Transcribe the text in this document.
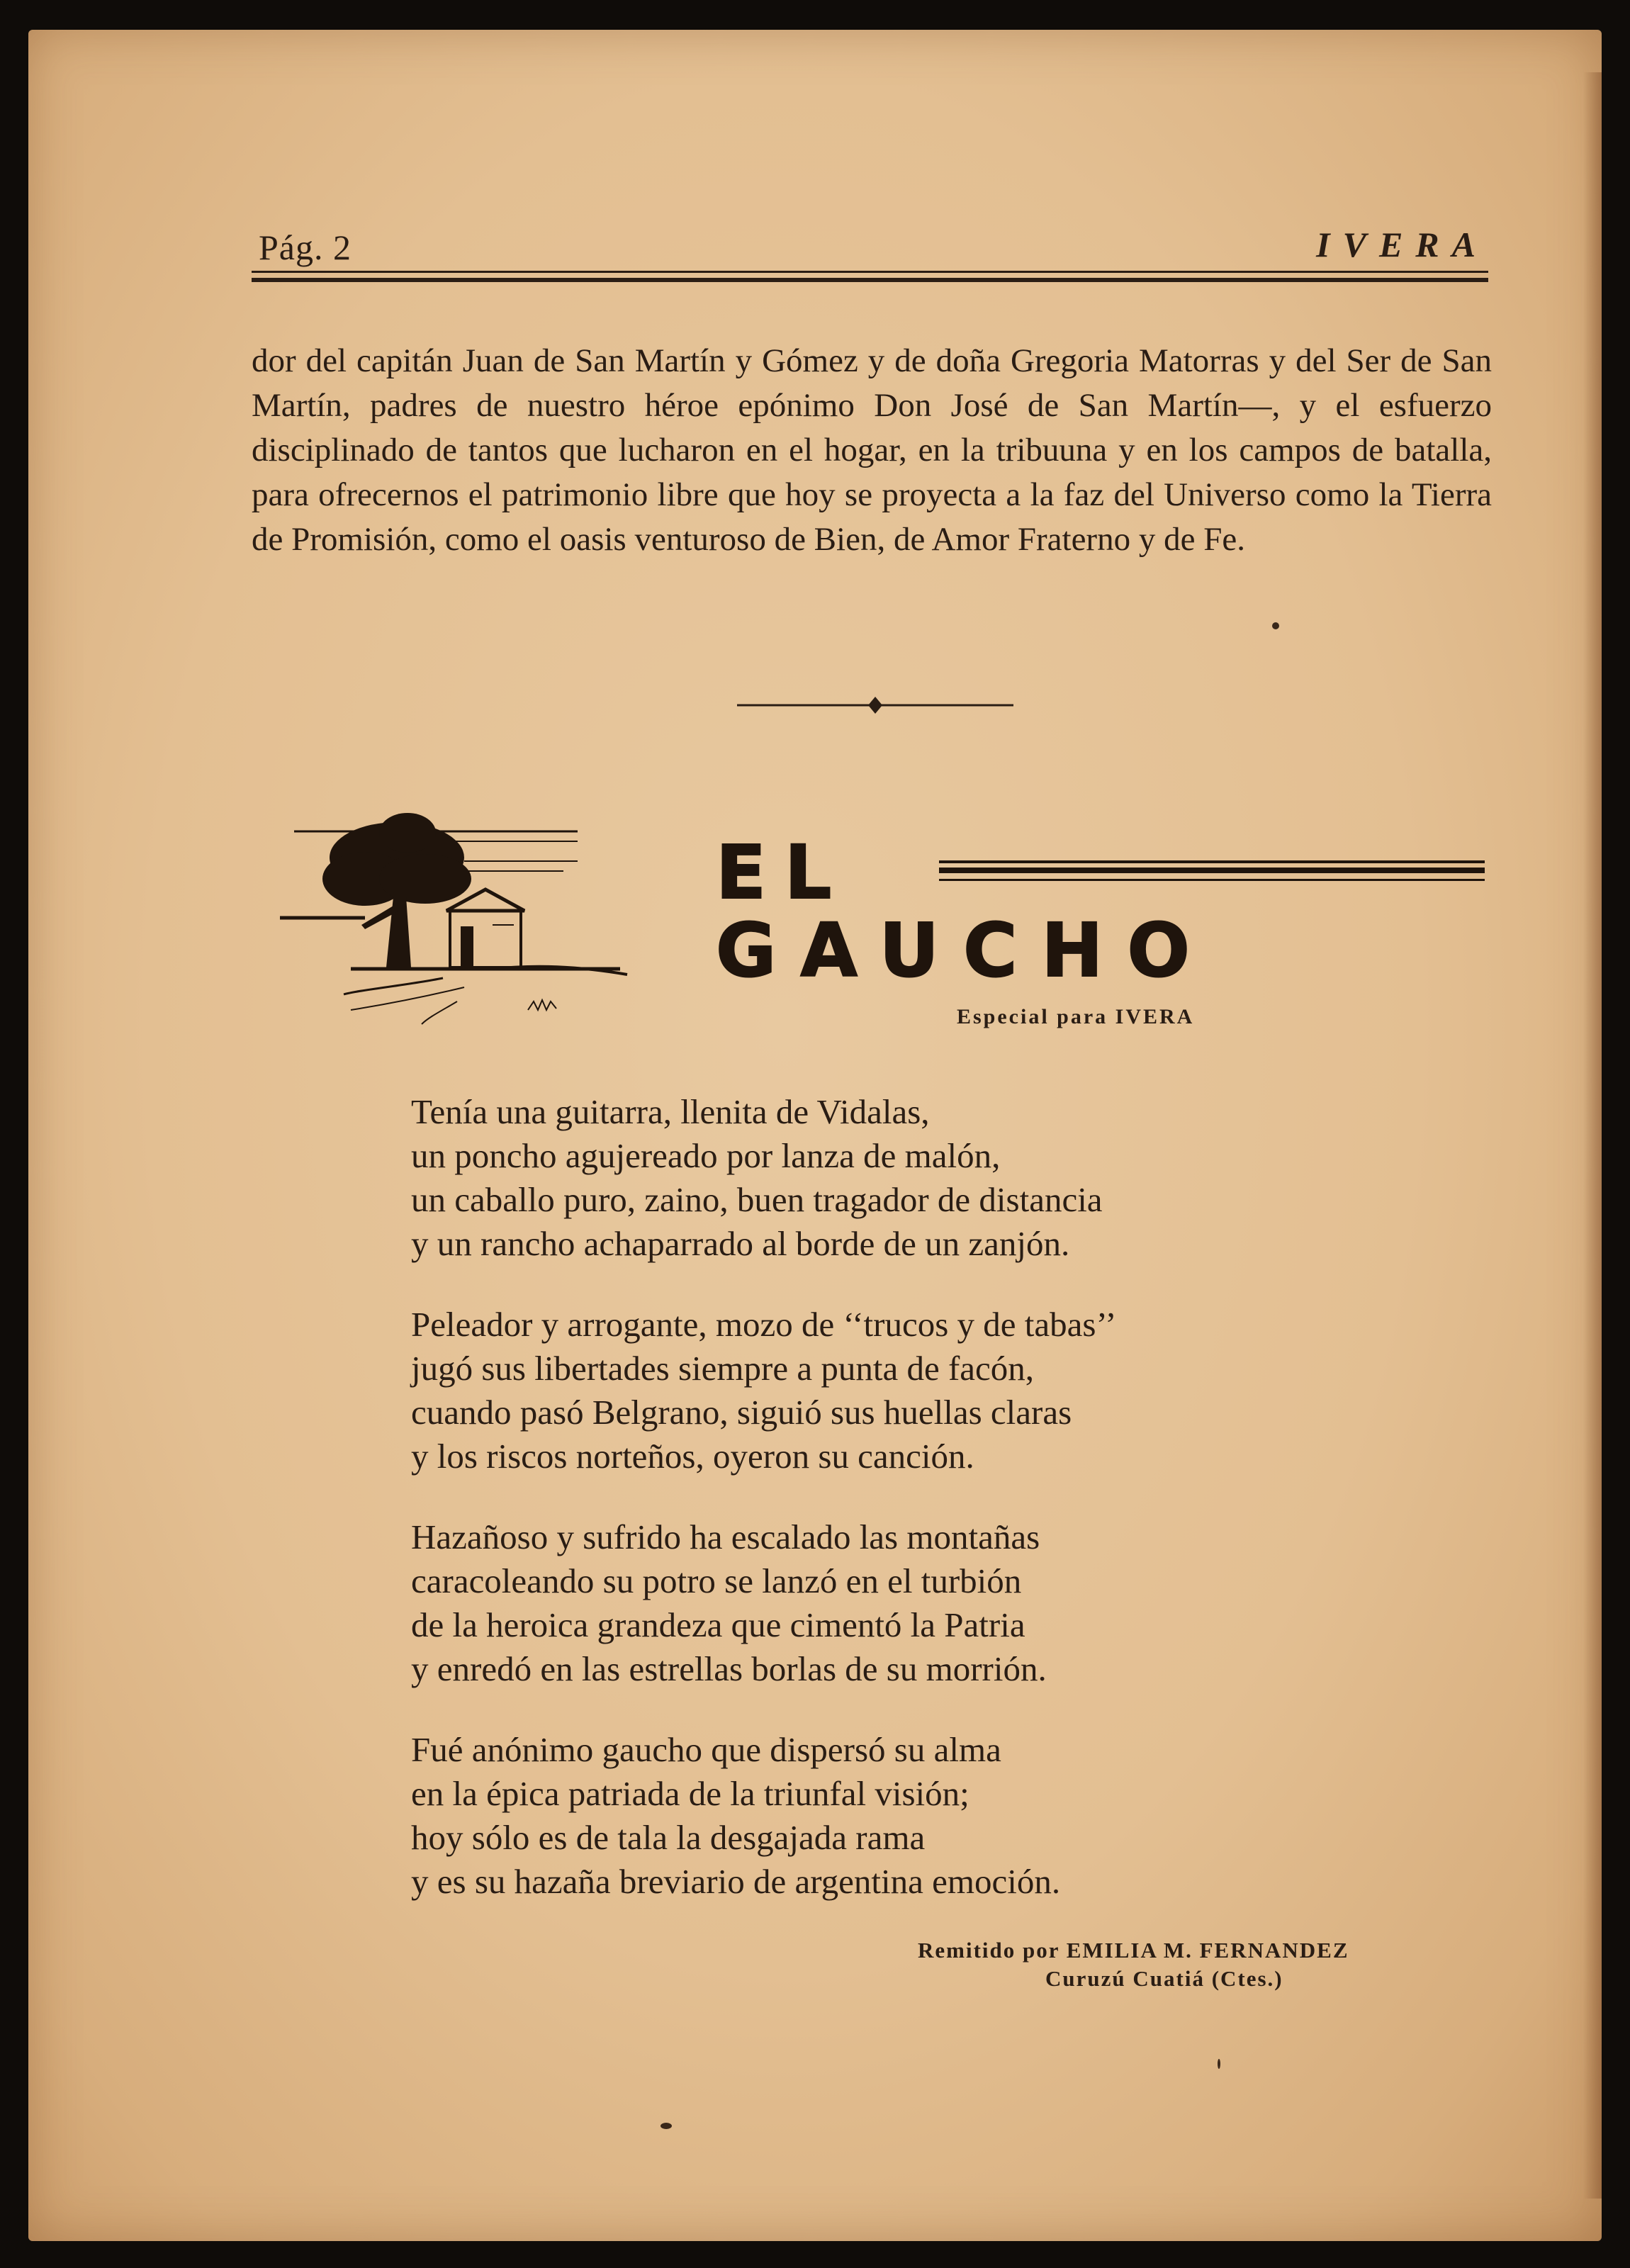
Pág. 2	IVERA

dor del capitán Juan de San Martín y Gómez y de doña Gregoria Matorras y del Ser de San Martín, padres de nuestro héroe epónimo Don José de San Martín—, y el esfuerzo disciplinado de tantos que lucharon en el hogar, en la tribuuna y en los campos de batalla, para ofrecernos el patrimonio libre que hoy se proyecta a la faz del Universo como la Tierra de Promisión, como el oasis venturoso de Bien, de Amor Fraterno y de Fe.

EL
GAUCHO
Especial para IVERA
Tenía una guitarra, llenita de Vidalas,
un poncho agujereado por lanza de malón,
un caballo puro, zaino, buen tragador de distancia
y un rancho achaparrado al borde de un zanjón.
Peleador y arrogante, mozo de ‘‘trucos y de tabas’’
jugó sus libertades siempre a punta de facón,
cuando pasó Belgrano, siguió sus huellas claras
y los riscos norteños, oyeron su canción.
Hazañoso y sufrido ha escalado las montañas
caracoleando su potro se lanzó en el turbión
de la heroica grandeza que cimentó la Patria
y enredó en las estrellas borlas de su morrión.
Fué anónimo gaucho que dispersó su alma
en la épica patriada de la triunfal visión;
hoy sólo es de tala la desgajada rama
y es su hazaña breviario de argentina emoción.
Remitido por EMILIA M. FERNANDEZ
Curuzú Cuatiá (Ctes.)
